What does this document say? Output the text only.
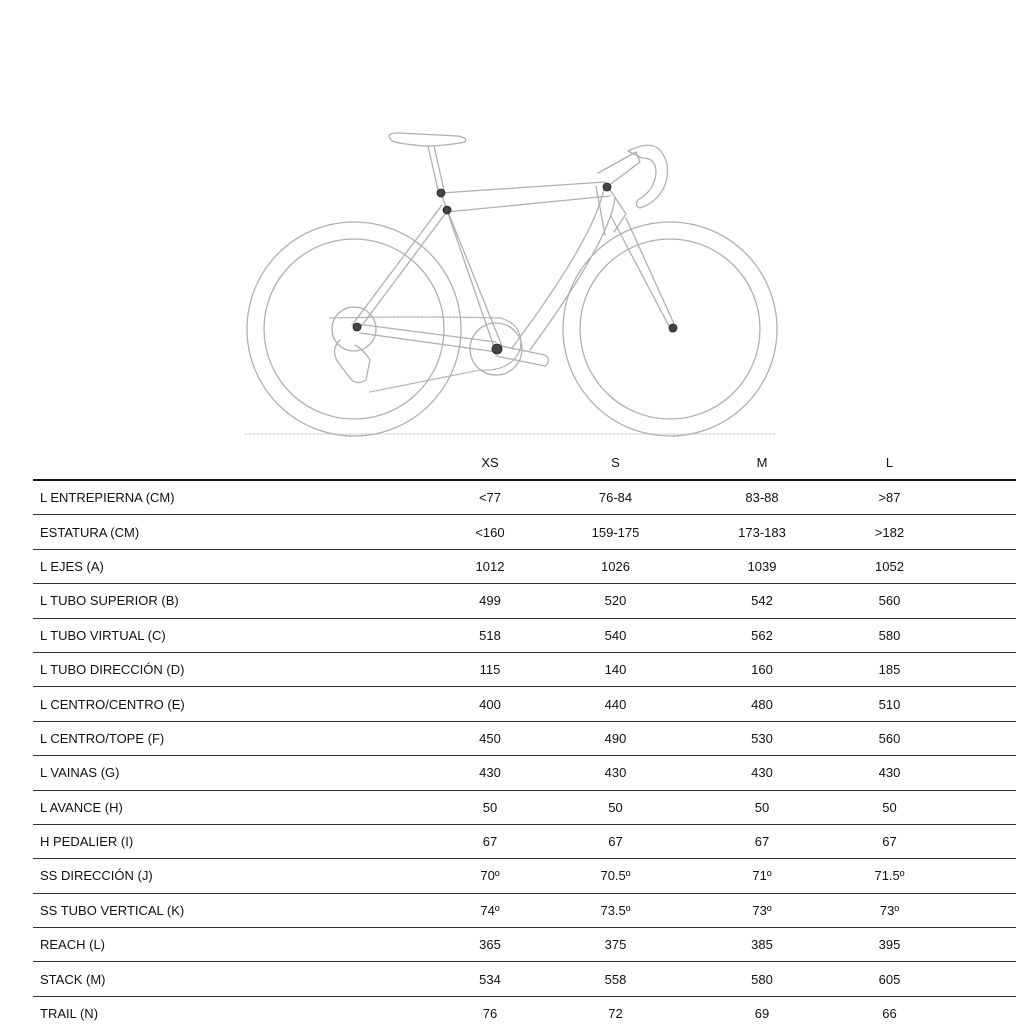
	XS	S	M	L	
L ENTREPIERNA (CM)	<77	76-84	83-88	>87	
ESTATURA (CM)	<160	159-175	173-183	>182	
L EJES (A)	1012	1026	1039	1052	
L TUBO SUPERIOR (B)	499	520	542	560	
L TUBO VIRTUAL (C)	518	540	562	580	
L TUBO DIRECCIÓN (D)	115	140	160	185	
L CENTRO/CENTRO (E)	400	440	480	510	
L CENTRO/TOPE (F)	450	490	530	560	
L VAINAS (G)	430	430	430	430	
L AVANCE (H)	50	50	50	50	
H PEDALIER (I)	67	67	67	67	
SS DIRECCIÓN (J)	70º	70.5º	71º	71.5º	
SS TUBO VERTICAL (K)	74º	73.5º	73º	73º	
REACH (L)	365	375	385	395	
STACK (M)	534	558	580	605	
TRAIL (N)	76	72	69	66	
